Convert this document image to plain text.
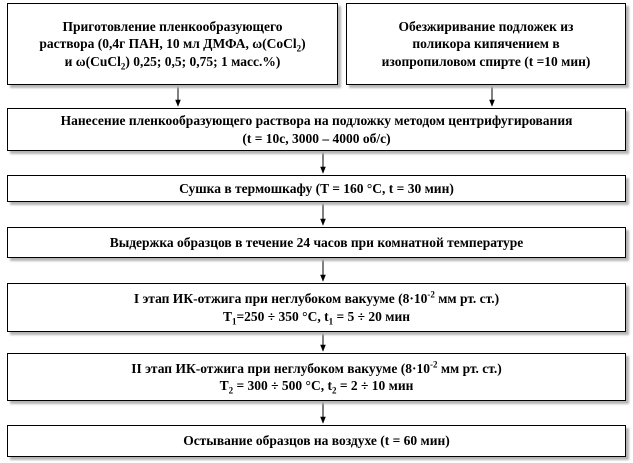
Приготовление пленкообразующего
раствора (0,4г ПАН, 10 мл ДМФА, ω(CoCl$_2$)
и ω(CuCl$_2$) 0,25; 0,5; 0,75; 1 масс.%)
Обезжиривание подложек из
поликора кипячением в
изопропиловом спирте (t =10 мин)
Нанесение пленкообразующего раствора на подложку методом центрифугирования
(t = 10с, 3000 – 4000 об/с)
Сушка в термошкафу (T = 160 °C, t = 30 мин)
Выдержка образцов в течение 24 часов при комнатной температуре
I этап ИК-отжига при неглубоком вакууме ($8\cdot 10^{-2}$ мм рт. ст.)
$T_1=250 \div 350$ °C, $t_1 = 5 \div 20$ мин
II этап ИК-отжига при неглубоком вакууме ($8\cdot 10^{-2}$ мм рт. ст.)
$T_2 = 300 \div 500$ °C, $t_2 = 2 \div 10$ мин
Остывание образцов на воздухе (t = 60 мин)
